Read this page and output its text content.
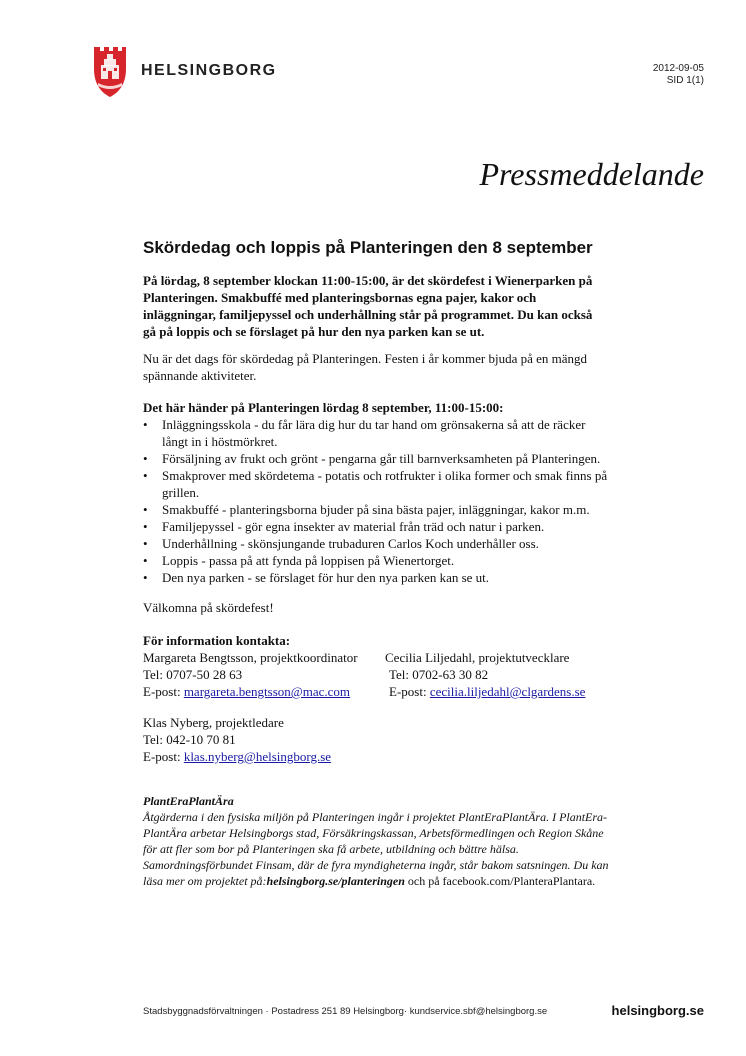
HELSINGBORG	2012-09-05
SID 1(1)
Pressmeddelande
Skördedag och loppis på Planteringen den 8 september
På lördag, 8 september klockan 11:00-15:00, är det skördefest i Wienerparken på Planteringen. Smakbuffé med planteringsbornas egna pajer, kakor och inläggningar, familjepyssel och underhållning står på programmet. Du kan också gå på loppis och se förslaget på hur den nya parken kan se ut.
Nu är det dags för skördedag på Planteringen. Festen i år kommer bjuda på en mängd spännande aktiviteter.
Det här händer på Planteringen lördag 8 september, 11:00-15:00:
• Inläggningsskola - du får lära dig hur du tar hand om grönsakerna så att de räcker långt in i höstmörkret.
• Försäljning av frukt och grönt - pengarna går till barnverksamheten på Planteringen.
• Smakprover med skördetema - potatis och rotfrukter i olika former och smak finns på grillen.
• Smakbuffé - planteringsborna bjuder på sina bästa pajer, inläggningar, kakor m.m.
• Familjepyssel - gör egna insekter av material från träd och natur i parken.
• Underhållning - skönsjungande trubaduren Carlos Koch underhåller oss.
• Loppis - passa på att fynda på loppisen på Wienertorget.
• Den nya parken - se förslaget för hur den nya parken kan se ut.
Välkomna på skördefest!
För information kontakta:
Margareta Bengtsson, projektkoordinator
Tel: 0707-50 28 63
E-post: margareta.bengtsson@mac.com
Cecilia Liljedahl, projektutvecklare
Tel: 0702-63 30 82
E-post: cecilia.liljedahl@clgardens.se
Klas Nyberg, projektledare
Tel: 042-10 70 81
E-post: klas.nyberg@helsingborg.se
PlantEraPlantÄra
Åtgärderna i den fysiska miljön på Planteringen ingår i projektet PlantEraPlantÄra. I PlantEra-PlantÄra arbetar Helsingborgs stad, Försäkringskassan, Arbetsförmedlingen och Region Skåne för att fler som bor på Planteringen ska få arbete, utbildning och bättre hälsa. Samordningsförbundet Finsam, där de fyra myndigheterna ingår, står bakom satsningen. Du kan läsa mer om projektet på:helsingborg.se/planteringen och på facebook.com/PlanteraPlantara.
Stadsbyggnadsförvaltningen · Postadress 251 89 Helsingborg· kundservice.sbf@helsingborg.se	helsingborg.se
